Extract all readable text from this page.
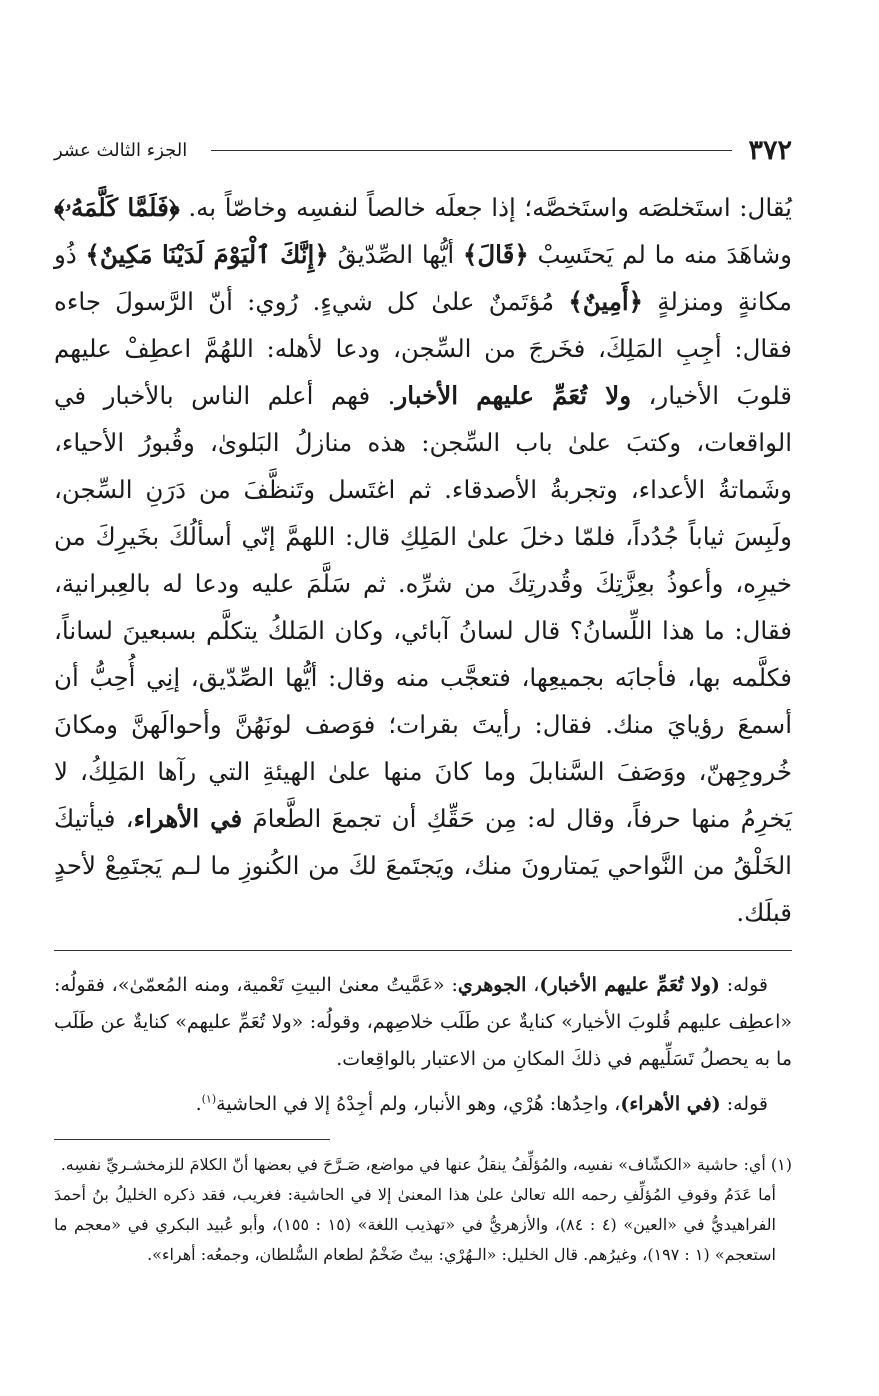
٣٧٢
الجزء الثالث عشر

يُقال: استَخلصَه واستَخصَّه؛ إذا جعلَه خالصاً لنفسِه وخاصّاً به. ﴿فَلَمَّا كَلَّمَهُۥ﴾ وشاهَدَ منه ما لم يَحتَسِبْ ﴿قَالَ﴾ أيُّها الصِّدّيقُ ﴿إِنَّكَ ٱلْيَوْمَ لَدَيْنَا مَكِينٌ﴾ ذُو مكانةٍ ومنزلةٍ ﴿أَمِينٌ﴾ مُؤتَمنٌ علىٰ كل شيءٍ. رُوي: أنّ الرَّسولَ جاءه فقال: أجِبِ المَلِكَ، فخَرجَ من السِّجن، ودعا لأهله: اللهُمَّ اعطِفْ عليهم قلوبَ الأخيار، ولا تُعَمِّ عليهم الأخبار. فهم أعلم الناس بالأخبار في الواقعات، وكتبَ علىٰ باب السِّجن: هذه منازلُ البَلوىٰ، وقُبورُ الأحياء، وشَماتةُ الأعداء، وتجربةُ الأصدقاء. ثم اغتَسل وتَنظَّفَ من دَرَنِ السِّجن، ولَبِسَ ثياباً جُدُداً، فلمّا دخلَ علىٰ المَلِكِ قال: اللهمَّ إنّي أسألُكَ بخَيرِكَ من خيرِه، وأعوذُ بعِزَّتِكَ وقُدرتِكَ من شرِّه. ثم سَلَّمَ عليه ودعا له بالعِبرانية، فقال: ما هذا اللِّسانُ؟ قال لسانُ آبائي، وكان المَلكُ يتكلَّم بسبعينَ لساناً، فكلَّمه بها، فأجابَه بجميعِها، فتعجَّب منه وقال: أيُّها الصِّدّيق، إنِي أُحِبُّ أن أسمعَ رؤيايَ منك. فقال: رأيتَ بقرات؛ فوَصف لونَهُنَّ وأحوالَهنَّ ومكانَ خُروجِهنّ، ووَصَفَ السَّنابلَ وما كانَ منها علىٰ الهيئةِ التي رآها المَلِكُ، لا يَخرِمُ منها حرفاً، وقال له: مِن حَقِّكِ أن تجمعَ الطَّعامَ في الأهراء، فيأتيكَ الخَلْقُ من النَّواحي يَمتارونَ منك، ويَجتَمعَ لكَ من الكُنوزِ ما لـم يَجتَمِعْ لأحدٍ قبلَك.

قوله: (ولا تُعَمِّ عليهم الأخبار)، الجوهري: «عَمَّيتُ معنىٰ البيتِ تَعْمية، ومنه المُعمّىٰ»، فقولُه: «اعطِف عليهم قُلوبَ الأخيار» كنايةٌ عن طَلَب خلاصِهم، وقولُه: «ولا تُعَمِّ عليهم» كنايةٌ عن طَلَب ما به يحصلُ تَسَلِّيهم في ذلكَ المكانِ من الاعتبار بالواقِعات.

قوله: (في الأهراء)، واحِدُها: هُرْي، وهو الأنبار، ولم أجِدْهُ إلا في الحاشية$^{(١)}$.

(١) أي: حاشية «الكشّاف» نفسِه، والمُؤلِّفُ ينقلُ عنها في مواضع، صَـرَّحَ في بعضها أنّ الكلامَ للزمخشـريِّ نفسِه.

أما عَدَمُ وقوفِ المُؤلِّفِ رحمه الله تعالىٰ علىٰ هذا المعنىٰ إلا في الحاشية: فغريب، فقد ذكره الخليلُ بنُ أحمدَ الفراهيديُّ في «العين» (٤ : ٨٤)، والأزهريُّ في «تهذيب اللغة» (١٥ : ١٥٥)، وأبو عُبيد البكري في «معجم ما استعجم» (١ : ١٩٧)، وغيرُهم. قال الخليل: «الـهُرْي: بيتٌ ضَخْمٌ لطعام السُّلطان، وجمعُه: أهراء».
